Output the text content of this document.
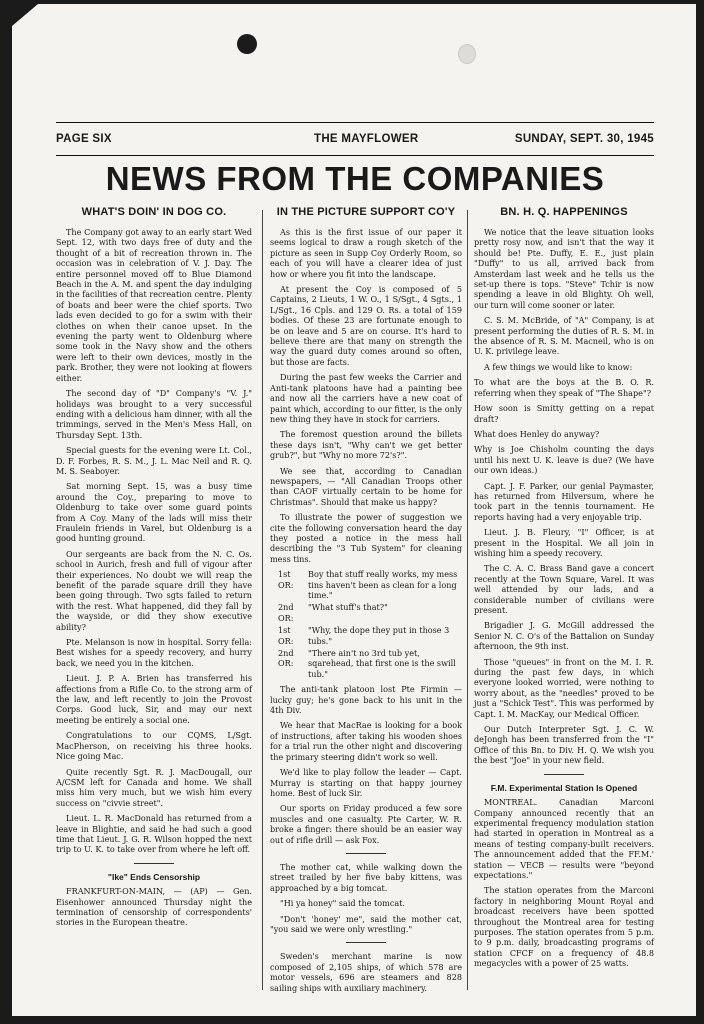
PAGE SIX	THE MAYFLOWER	SUNDAY, SEPT. 30, 1945
NEWS FROM THE COMPANIES
WHAT'S DOIN' IN DOG CO.

The Company got away to an early start Wed Sept. 12, with two days free of duty and the thought of a bit of recreation thrown in. The occasion was in celebration of V. J. Day. The entire personnel moved off to Blue Diamond Beach in the A. M. and spent the day indulging in the facilities of that recreation centre. Plenty of boats and beer were the chief sports. Two lads even decided to go for a swim with their clothes on when their canoe upset. In the evening the party went to Oldenburg where some took in the Navy show and the others were left to their own devices, mostly in the park. Brother, they were not looking at flowers either.

The second day of "D" Company's "V. J." holidays was brought to a very successful ending with a delicious ham dinner, with all the trimmings, served in the Men's Mess Hall, on Thursday Sept. 13th.

Special guests for the evening were Lt. Col., D. F. Forbes, R. S. M., J. L. Mac Neil and R. Q. M. S. Seaboyer.

Sat morning Sept. 15, was a busy time around the Coy., preparing to move to Oldenburg to take over some guard points from A Coy. Many of the lads will miss their Fraulein friends in Varel, but Oldenburg is a good hunting ground.

Our sergeants are back from the N. C. Os. school in Aurich, fresh and full of vigour after their experiences. No doubt we will reap the benefit of the parade square drill they have been going through. Two sgts failed to return with the rest. What happened, did they fall by the wayside, or did they show executive ability?

Pte. Melanson is now in hospital. Sorry fella: Best wishes for a speedy recovery, and hurry back, we need you in the kitchen.

Lieut. J. P. A. Brien has transferred his affections from a Rifle Co. to the strong arm of the law, and left recently to join the Provost Corps. Good luck, Sir, and may our next meeting be entirely a social one.

Congratulations to our CQMS, L/Sgt. MacPherson, on receiving his three hooks. Nice going Mac.

Quite recently Sgt. R. J. MacDougall, our A/CSM left for Canada and home. We shall miss him very much, but we wish him every success on "civvie street".

Lieut. L. R. MacDonald has returned from a leave in Blightie, and said he had such a good time that Lieut. J. G. R. Wilson hopped the next trip to U. K. to take over from where he left off.

"Ike" Ends Censorship

FRANKFURT-ON-MAIN, — (AP) — Gen. Eisenhower announced Thursday night the termination of censorship of correspondents' stories in the European theatre.

IN THE PICTURE SUPPORT CO'Y

As this is the first issue of our paper it seems logical to draw a rough sketch of the picture as seen in Supp Coy Orderly Room, so each of you will have a clearer idea of just how or where you fit into the landscape.

At present the Coy is composed of 5 Captains, 2 Lieuts, 1 W. O., 1 S/Sgt., 4 Sgts., 1 L/Sgt., 16 Cpls. and 129 O. Rs. a total of 159 bodies. Of these 23 are fortunate enough to be on leave and 5 are on course. It's hard to believe there are that many on strength the way the guard duty comes around so often, but those are facts.

During the past few weeks the Carrier and Anti-tank platoons have had a painting bee and now all the carriers have a new coat of paint which, according to our fitter, is the only new thing they have in stock for carriers.

The foremost question around the billets these days isn't, "Why can't we get better grub?", but "Why no more 72's?".

We see that, according to Canadian newspapers, — "All Canadian Troops other than CAOF virtually certain to be home for Christmas". Should that make us happy?

To illustrate the power of suggestion we cite the following conversation heard the day they posted a notice in the mess hall describing the "3 Tub System" for cleaning mess tins.

1st OR:
Boy that stuff really works, my mess tins haven't been as clean for a long time."
2nd OR:
"What stuff's that?"
1st OR:
"Why, the dope they put in those 3 tubs."
2nd OR:
"There ain't no 3rd tub yet, sqarehead, that first one is the swill tub."

The anti-tank platoon lost Pte Firmin — lucky guy; he's gone back to his unit in the 4th Div.

We hear that MacRae is looking for a book of instructions, after taking his wooden shoes for a trial run the other night and discovering the primary steering didn't work so well.

We'd like to play follow the leader — Capt. Murray is starting on that happy journey home. Best of luck Sir.

Our sports on Friday produced a few sore muscles and one casualty. Pte Carter, W. R. broke a finger: there should be an easier way out of rifle drill — ask Fox.

The mother cat, while walking down the street trailed by her five baby kittens, was approached by a big tomcat.

"Hi ya honey" said the tomcat.

"Don't 'honey' me", said the mother cat, "you said we were only wrestling."

Sweden's merchant marine is now composed of 2,105 ships, of which 578 are motor vessels, 696 are steamers and 828 sailing ships with auxiliary machinery.

BN. H. Q. HAPPENINGS

We notice that the leave situation looks pretty rosy now, and isn't that the way it should be! Pte. Duffy, E. E., just plain "Duffy" to us all, arrived back from Amsterdam last week and he tells us the set-up there is tops. "Steve" Tchir is now spending a leave in old Blighty. Oh well, our turn will come sooner or later.

C. S. M. McBride, of "A" Company, is at present performing the duties of R. S. M. in the absence of R. S. M. Macneil, who is on U. K. privilege leave.

A few things we would like to know:

To what are the boys at the B. O. R. referring when they speak of "The Shape"?

How soon is Smitty getting on a repat draft?

What does Henley do anyway?

Why is Joe Chisholm counting the days until his next U. K. leave is due? (We have our own ideas.)

Capt. J. F. Parker, our genial Paymaster, has returned from Hilversum, where he took part in the tennis tournament. He reports having had a very enjoyable trip.

Lieut. J. B. Fleury, "I" Officer, is at present in the Hospital. We all join in wishing him a speedy recovery.

The C. A. C. Brass Band gave a concert recently at the Town Square, Varel. It was well attended by our lads, and a considerable number of civilians were present.

Brigadier J. G. McGill addressed the Senior N. C. O's of the Battalion on Sunday afternoon, the 9th inst.

Those "queues" in front on the M. I. R. during the past few days, in which everyone looked worried, were nothing to worry about, as the "needles" proved to be just a "Schick Test". This was performed by Capt. I. M. MacKay, our Medical Officer.

Our Dutch Interpreter Sgt. J. C. W. deJongh has been transferred from the "I" Office of this Bn. to Div. H. Q. We wish you the best "Joe" in your new field.

F.M. Experimental Station Is Opened

MONTREAL. Canadian Marconi Company announced recently that an experimental frequency modulation station had started in operation in Montreal as a means of testing company-built receivers. The announcement added that the FF.M.' station — VECB — results were "beyond expectations."

The station operates from the Marconi factory in neighboring Mount Royal and broadcast receivers have been spotted throughout the Montreal area for testing purposes. The station operates from 5 p.m. to 9 p.m. daily, broadcasting programs of station CFCF on a frequency of 48.8 megacycles with a power of 25 watts.
